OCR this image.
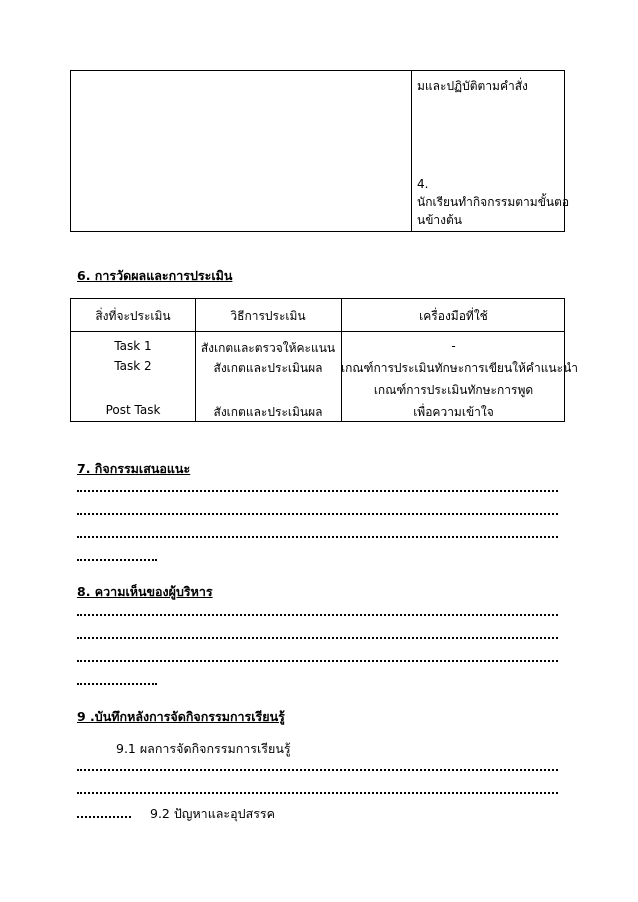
มและปฏิบัติตามคำสั่ง
4.
นักเรียนทำกิจกรรมตามขั้นตอ
นข้างต้น
6. การวัดผลและการประเมิน
สิ่งที่จะประเมิน	วิธีการประเมิน	เครื่องมือที่ใช้
Task 1
Task 2
Post Task
สังเกตและตรวจให้คะแนน
สังเกตและประเมินผล
สังเกตและประเมินผล
-
เกณฑ์การประเมินทักษะการเขียนให้คำแนะนำ
เกณฑ์การประเมินทักษะการพูด
เพื่อความเข้าใจ
7. กิจกรรมเสนอแนะ
8. ความเห็นของผู้บริหาร
9 .บันทึกหลังการจัดกิจกรรมการเรียนรู้
9.1 ผลการจัดกิจกรรมการเรียนรู้
9.2 ปัญหาและอุปสรรค
